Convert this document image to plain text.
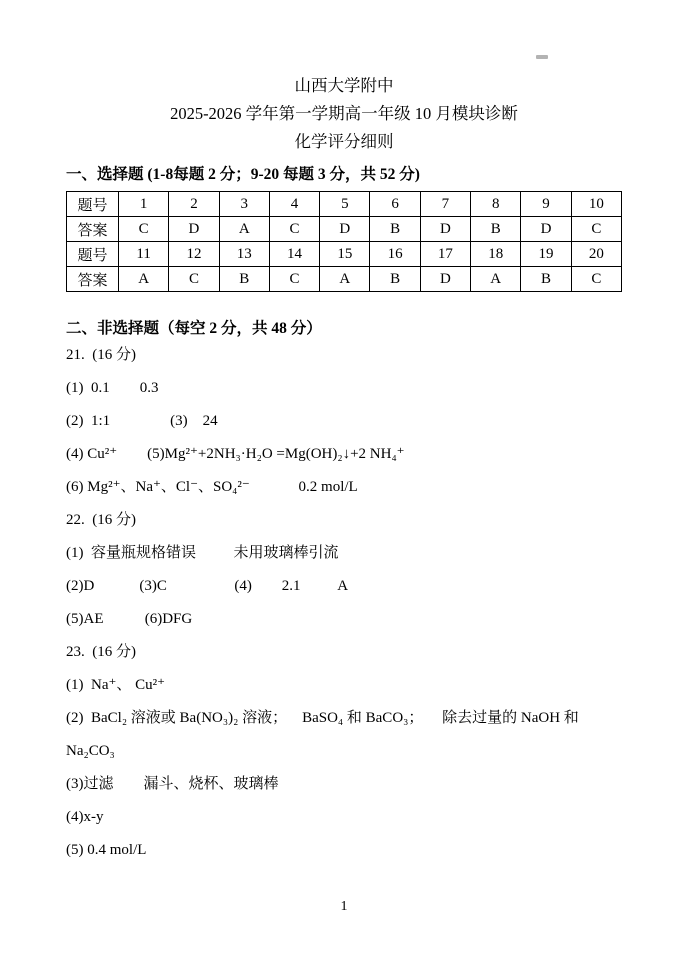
山西大学附中
2025-2026 学年第一学期高一年级 10 月模块诊断
化学评分细则
一、选择题 (1-8每题 2 分；9-20 每题 3 分，共 52 分)
题号	1	2	3	4	5	6	7	8	9	10
答案	C	D	A	C	D	B	D	B	D	C
题号	11	12	13	14	15	16	17	18	19	20
答案	A	C	B	C	A	B	D	A	B	C
二、非选择题（每空 2 分，共 48 分）

21.  (16 分)

(1)  0.1        0.3

(2)  1:1                (3)    24

(4) Cu²⁺        (5)Mg²⁺+2NH₃·H₂O =Mg(OH)₂↓+2 NH₄⁺

(6) Mg²⁺、Na⁺、Cl⁻、SO₄²⁻             0.2 mol/L

22.  (16 分)

(1)  容量瓶规格错误          未用玻璃棒引流

(2)D            (3)C                  (4)        2.1          A

(5)AE           (6)DFG

23.  (16 分)

(1)  Na⁺、 Cu²⁺

(2)  BaCl₂ 溶液或 Ba(NO₃)₂ 溶液；    BaSO₄ 和 BaCO₃；     除去过量的 NaOH 和 Na₂CO₃

(3)过滤        漏斗、烧杯、玻璃棒

(4)x-y

(5) 0.4 mol/L

1
